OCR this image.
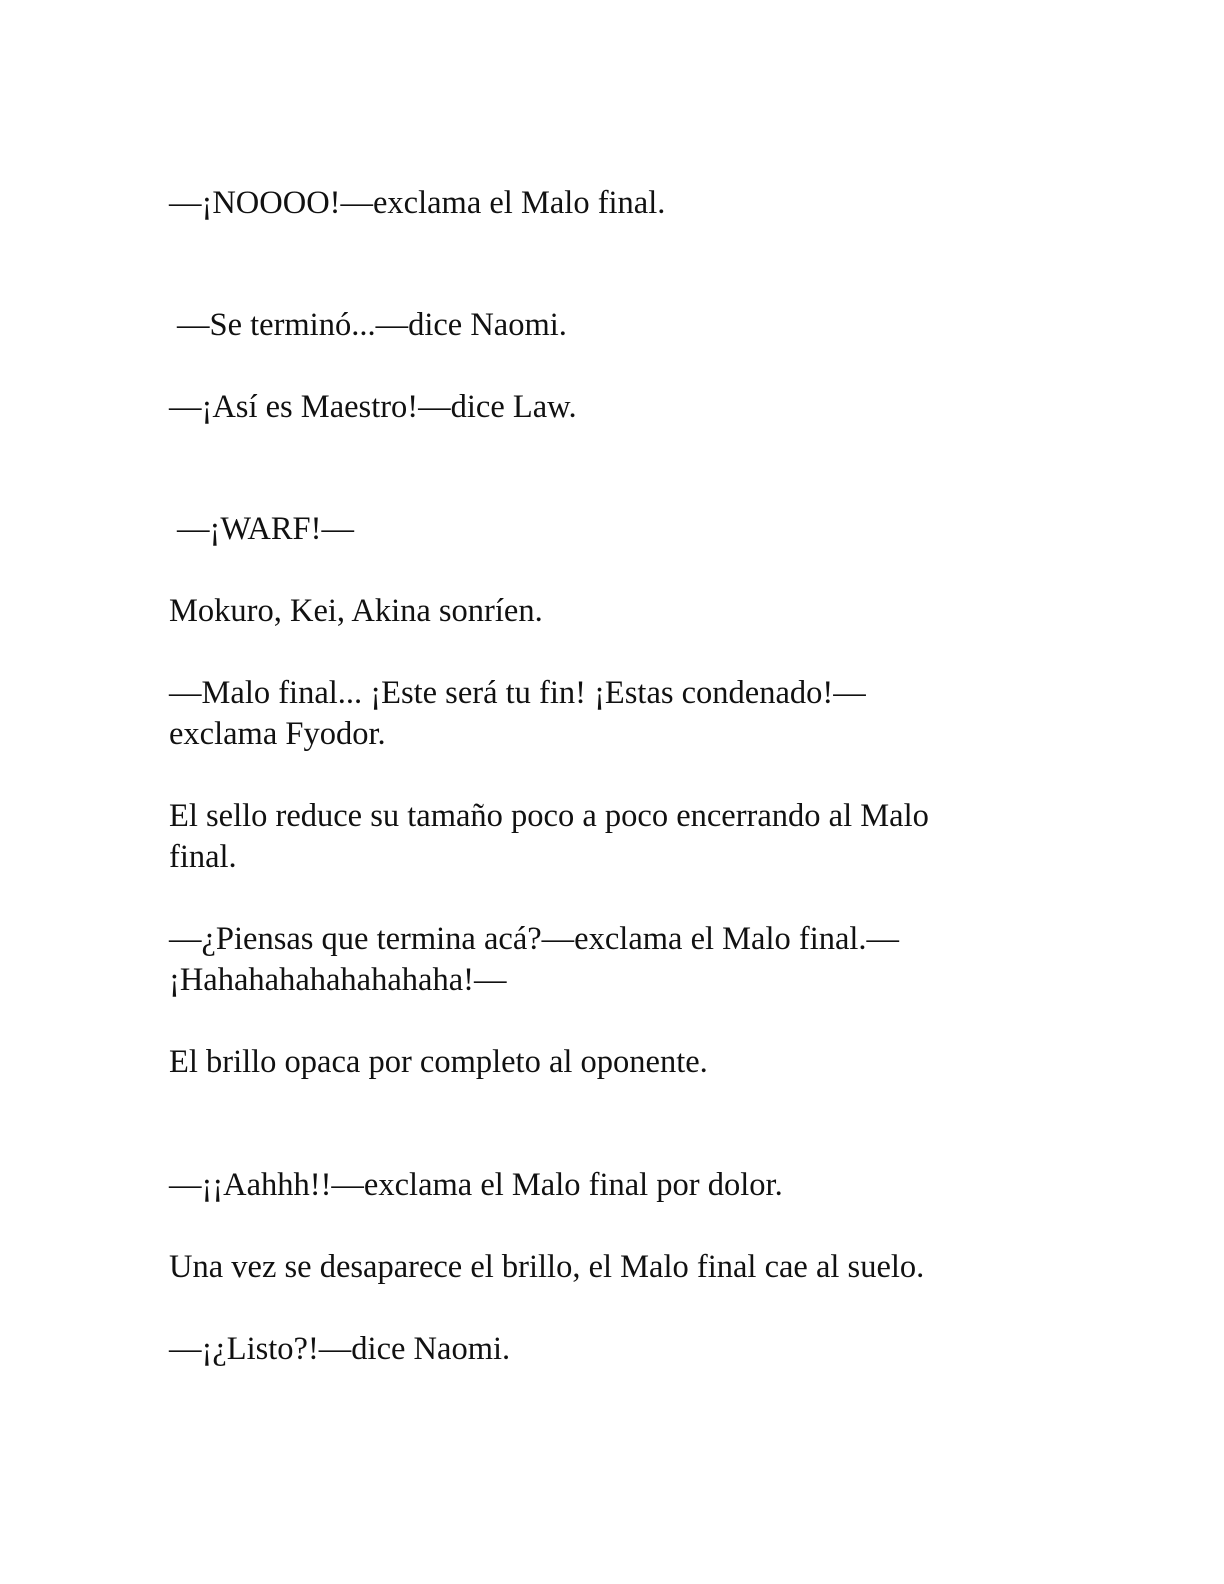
—¡NOOOO!—exclama el Malo final.

—Se terminó...—dice Naomi.

—¡Así es Maestro!—dice Law.

—¡WARF!—

Mokuro, Kei, Akina sonríen.

—Malo final... ¡Este será tu fin! ¡Estas condenado!—

exclama Fyodor.

El sello reduce su tamaño poco a poco encerrando al Malo

final.

—¿Piensas que termina acá?—exclama el Malo final.—

¡Hahahahahahahahaha!—

El brillo opaca por completo al oponente.

—¡¡Aahhh!!—exclama el Malo final por dolor.

Una vez se desaparece el brillo, el Malo final cae al suelo.

—¡¿Listo?!—dice Naomi.
